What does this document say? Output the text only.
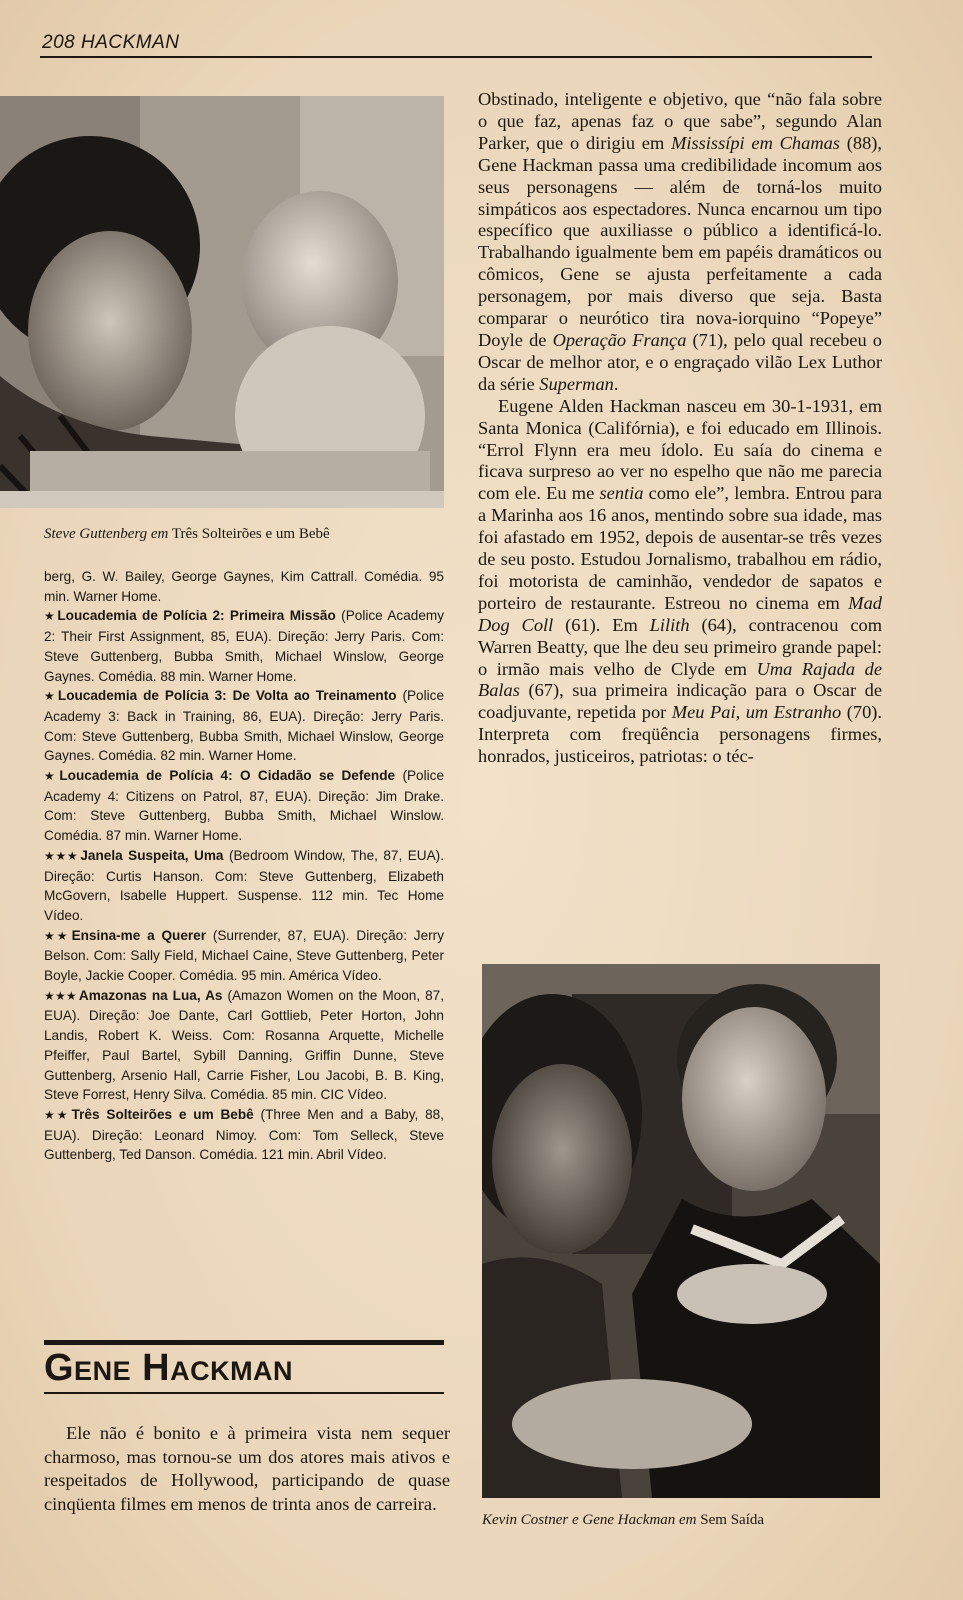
208 HACKMAN
Steve Guttenberg em Três Solteirões e um Bebê

berg, G. W. Bailey, George Gaynes, Kim Cattrall. Comédia. 95 min. Warner Home.

★ Loucademia de Polícia 2: Primeira Missão (Police Academy 2: Their First Assignment, 85, EUA). Direção: Jerry Paris. Com: Steve Guttenberg, Bubba Smith, Michael Winslow, George Gaynes. Comédia. 88 min. Warner Home.

★ Loucademia de Polícia 3: De Volta ao Treinamento (Police Academy 3: Back in Training, 86, EUA). Direção: Jerry Paris. Com: Steve Guttenberg, Bubba Smith, Michael Winslow, George Gaynes. Comédia. 82 min. Warner Home.

★ Loucademia de Polícia 4: O Cidadão se Defende (Police Academy 4: Citizens on Patrol, 87, EUA). Direção: Jim Drake. Com: Steve Guttenberg, Bubba Smith, Michael Winslow. Comédia. 87 min. Warner Home.

★★★ Janela Suspeita, Uma (Bedroom Window, The, 87, EUA). Direção: Curtis Hanson. Com: Steve Guttenberg, Elizabeth McGovern, Isabelle Huppert. Suspense. 112 min. Tec Home Vídeo.

★★ Ensina-me a Querer (Surrender, 87, EUA). Direção: Jerry Belson. Com: Sally Field, Michael Caine, Steve Guttenberg, Peter Boyle, Jackie Cooper. Comédia. 95 min. América Vídeo.

★★★ Amazonas na Lua, As (Amazon Women on the Moon, 87, EUA). Direção: Joe Dante, Carl Gottlieb, Peter Horton, John Landis, Robert K. Weiss. Com: Rosanna Arquette, Michelle Pfeiffer, Paul Bartel, Sybill Danning, Griffin Dunne, Steve Guttenberg, Arsenio Hall, Carrie Fisher, Lou Jacobi, B. B. King, Steve Forrest, Henry Silva. Comédia. 85 min. CIC Vídeo.

★★ Três Solteirões e um Bebê (Three Men and a Baby, 88, EUA). Direção: Leonard Nimoy. Com: Tom Selleck, Steve Guttenberg, Ted Danson. Comédia. 121 min. Abril Vídeo.

Gene Hackman

Ele não é bonito e à primeira vista nem sequer charmoso, mas tornou-se um dos atores mais ativos e respeitados de Hollywood, participando de quase cinqüenta filmes em menos de trinta anos de carreira.

Obstinado, inteligente e objetivo, que “não fala sobre o que faz, apenas faz o que sabe”, segundo Alan Parker, que o dirigiu em Mississípi em Chamas (88), Gene Hackman passa uma credibilidade incomum aos seus personagens — além de torná-los muito simpáticos aos espectadores. Nunca encarnou um tipo específico que auxiliasse o público a identificá-lo. Trabalhando igualmente bem em papéis dramáticos ou cômicos, Gene se ajusta perfeitamente a cada personagem, por mais diverso que seja. Basta comparar o neurótico tira nova-iorquino “Popeye” Doyle de Operação França (71), pelo qual recebeu o Oscar de melhor ator, e o engraçado vilão Lex Luthor da série Superman.

Eugene Alden Hackman nasceu em 30-1-1931, em Santa Monica (Califórnia), e foi educado em Illinois. “Errol Flynn era meu ídolo. Eu saía do cinema e ficava surpreso ao ver no espelho que não me parecia com ele. Eu me sentia como ele”, lembra. Entrou para a Marinha aos 16 anos, mentindo sobre sua idade, mas foi afastado em 1952, depois de ausentar-se três vezes de seu posto. Estudou Jornalismo, trabalhou em rádio, foi motorista de caminhão, vendedor de sapatos e porteiro de restaurante. Estreou no cinema em Mad Dog Coll (61). Em Lilith (64), contracenou com Warren Beatty, que lhe deu seu primeiro grande papel: o irmão mais velho de Clyde em Uma Rajada de Balas (67), sua primeira indicação para o Oscar de coadjuvante, repetida por Meu Pai, um Estranho (70). Interpreta com freqüência personagens firmes, honrados, justiceiros, patriotas: o téc-

Kevin Costner e Gene Hackman em Sem Saída
